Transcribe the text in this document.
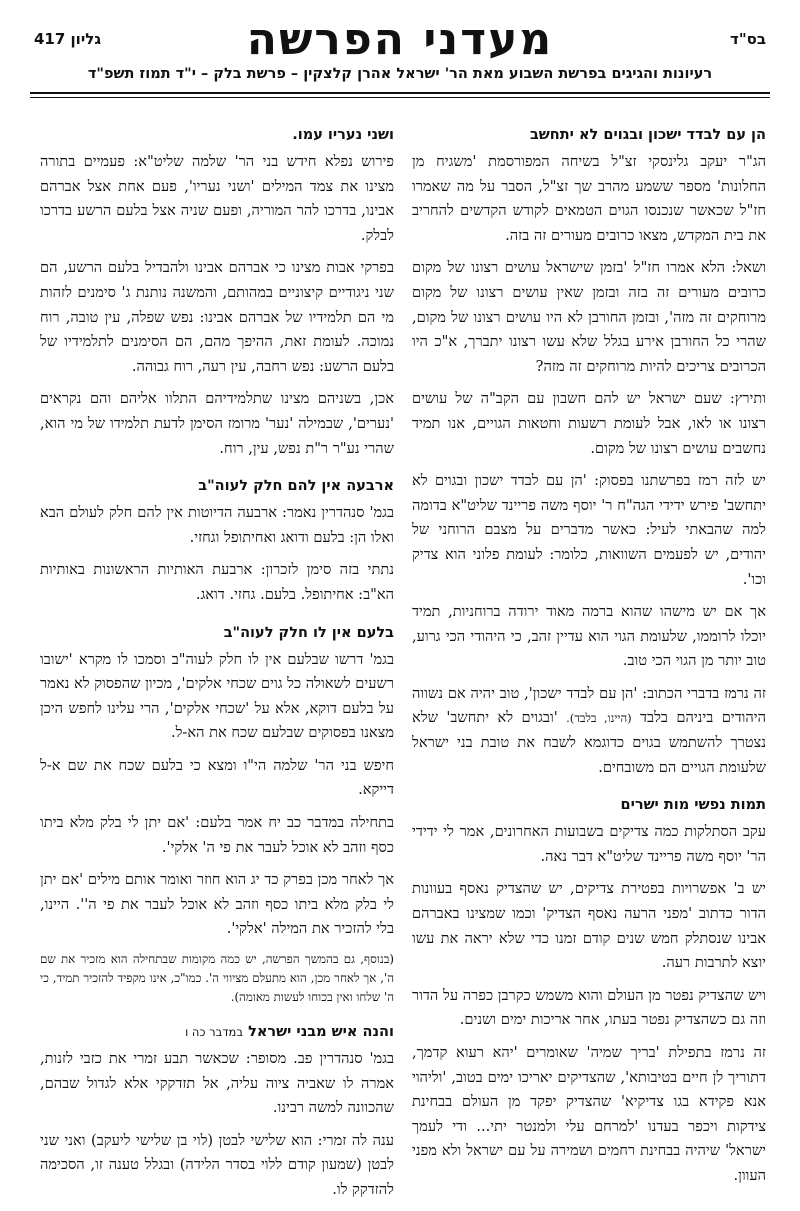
בס"ד
מעדני הפרשה
גליון 417
רעיונות והגיגים בפרשת השבוע מאת הר' ישראל אהרן קלצקין – פרשת בלק – י"ד תמוז תשפ"ד
הן עם לבדד ישכון ובגוים לא יתחשב

הג"ר יעקב גלינסקי זצ"ל בשיחה המפורסמת 'משגיח מן החלונות' מספר ששמע מהרב שך זצ"ל, הסבר על מה שאמרו חז"ל שכאשר שנכנסו הגוים הטמאים לקודש הקדשים להחריב את בית המקדש, מצאו כרובים מעורים זה בזה.

ושאל: הלא אמרו חז"ל 'בזמן שישראל עושים רצונו של מקום כרובים מעורים זה בזה ובזמן שאין עושים רצונו של מקום מרוחקים זה מזה', ובזמן החורבן לא היו עושים רצונו של מקום, שהרי כל החורבן אירע בגלל שלא עשו רצונו יתברך, א"כ היו הכרובים צריכים להיות מרוחקים זה מזה?

ותירץ: שעם ישראל יש להם חשבון עם הקב"ה של עושים רצונו או לאו, אבל לעומת רשעות וחטאות הגויים, אנו תמיד נחשבים עושים רצונו של מקום.

יש לזה רמז בפרשתנו בפסוק: 'הן עם לבדד ישכון ובגוים לא יתחשב' פירש ידידי הגה"ח ר' יוסף משה פריינד שליט"א בדומה למה שהבאתי לעיל: כאשר מדברים על מצבם הרוחני של יהודים, יש לפעמים השוואות, כלומר: לעומת פלוני הוא צדיק וכו'.

אך אם יש מישהו שהוא ברמה מאוד ירודה ברוחניות, תמיד יוכלו לרוממו, שלעומת הגוי הוא עדיין זהב, כי היהודי הכי גרוע, טוב יותר מן הגוי הכי טוב.

זה נרמז בדברי הכתוב: 'הן עם לבדד ישכון', טוב יהיה אם נשווה היהודים ביניהם בלבד (היינו, בלבד). 'ובגוים לא יתחשב' שלא נצטרך להשתמש בגוים כדוגמא לשבח את טובת בני ישראל שלעומת הגויים הם משובחים.

תמות נפשי מות ישרים

עקב הסתלקות כמה צדיקים בשבועות האחרונים, אמר לי ידידי הר' יוסף משה פריינד שליט"א דבר נאה.

יש ב' אפשרויות בפטירת צדיקים, יש שהצדיק נאסף בעוונות הדור כדתוב 'מפני הרעה נאסף הצדיק' וכמו שמצינו באברהם אבינו שנסתלק חמש שנים קודם זמנו כדי שלא יראה את עשו יוצא לתרבות רעה.

ויש שהצדיק נפטר מן העולם והוא משמש כקרבן כפרה על הדור וזה גם כשהצדיק נפטר בעתו, אחר אריכות ימים ושנים.

זה נרמז בתפילת 'בריך שמיה' שאומרים 'יהא רעוא קדמך, דתוריך לן חיים בטיבותא', שהצדיקים יאריכו ימים בטוב, 'וליהוי אנא פקידא בגו צדיקיא' שהצדיק יפקד מן העולם בבחינת צידקות ויכפר בעדנו 'למרחם עלי ולמנטר יתי... ודי לעמך ישראל' שיהיה בבחינת רחמים ושמירה על עם ישראל ולא מפני העוון.

ושני נעריו עמו.

פירוש נפלא חידש בני הר' שלמה שליט"א: פעמיים בתורה מצינו את צמד המילים 'ושני נעריו', פעם אחת אצל אברהם אבינו, בדרכו להר המוריה, ופעם שניה אצל בלעם הרשע בדרכו לבלק.

בפרקי אבות מצינו כי אברהם אבינו ולהבדיל בלעם הרשע, הם שני ניגודיים קיצוניים במהותם, והמשנה נותנת ג' סימנים לזהות מי הם תלמידיו של אברהם אבינו: נפש שפלה, עין טובה, רוח נמוכה. לעומת זאת, ההיפך מהם, הם הסימנים לתלמידיו של בלעם הרשע: נפש רחבה, עין רעה, רוח גבוהה.

אכן, בשניהם מצינו שתלמידיהם התלוו אליהם והם נקראים 'נערים', שבמילה 'נער' מרומז הסימן לדעת תלמידו של מי הוא, שהרי נע"ר ר"ת נפש, עין, רוח.

ארבעה אין להם חלק לעוה"ב

בגמ' סנהדרין נאמר: ארבעה הדיוטות אין להם חלק לעולם הבא ואלו הן: בלעם ודואג ואחיתופל וגחזי.

נתתי בזה סימן לזכרון: ארבעת האותיות הראשונות באותיות הא"ב: אחיתופל. בלעם. גחזי. דואג.

בלעם אין לו חלק לעוה"ב

בגמ' דרשו שבלעם אין לו חלק לעוה"ב וסמכו לו מקרא 'ישובו רשעים לשאולה כל גוים שכחי אלקים', מכיון שהפסוק לא נאמר על בלעם דוקא, אלא על 'שכחי אלקים', הרי עלינו לחפש היכן מצאנו בפסוקים שבלעם שכח את הא-ל.

חיפש בני הר' שלמה הי"ו ומצא כי בלעם שכח את שם א-ל דייקא.

בתחילה במדבר כב יח אמר בלעם: 'אם יתן לי בלק מלא ביתו כסף וזהב לא אוכל לעבר את פי ה' אלקי'.

אך לאחר מכן בפרק כד יג הוא חוזר ואומר אותם מילים 'אם יתן לי בלק מלא ביתו כסף וזהב לא אוכל לעבר את פי ה''. היינו, בלי להזכיר את המילה 'אלקי'.

(בנוסף, גם בהמשך הפרשה, יש כמה מקומות שבתחילה הוא מזכיר את שם ה', אך לאחר מכן, הוא מתעלם מציווי ה'. כמו"כ, אינו מקפיד להזכיר תמיד, כי ה' שלחו ואין בכוחו לעשות מאומה).

והנה איש מבני ישראל במדבר כה ו

בגמ' סנהדרין פב. מסופר: שכאשר תבע זמרי את כזבי לזנות, אמרה לו שאביה ציוה עליה, אל תזדקקי אלא לגדול שבהם, שהכוונה למשה רבינו.

ענה לה זמרי: הוא שלישי לבטן (לוי בן שלישי ליעקב) ואני שני לבטן (שמעון קודם ללוי בסדר הלידה) ובגלל טענה זו, הסכימה להזדקק לו.
